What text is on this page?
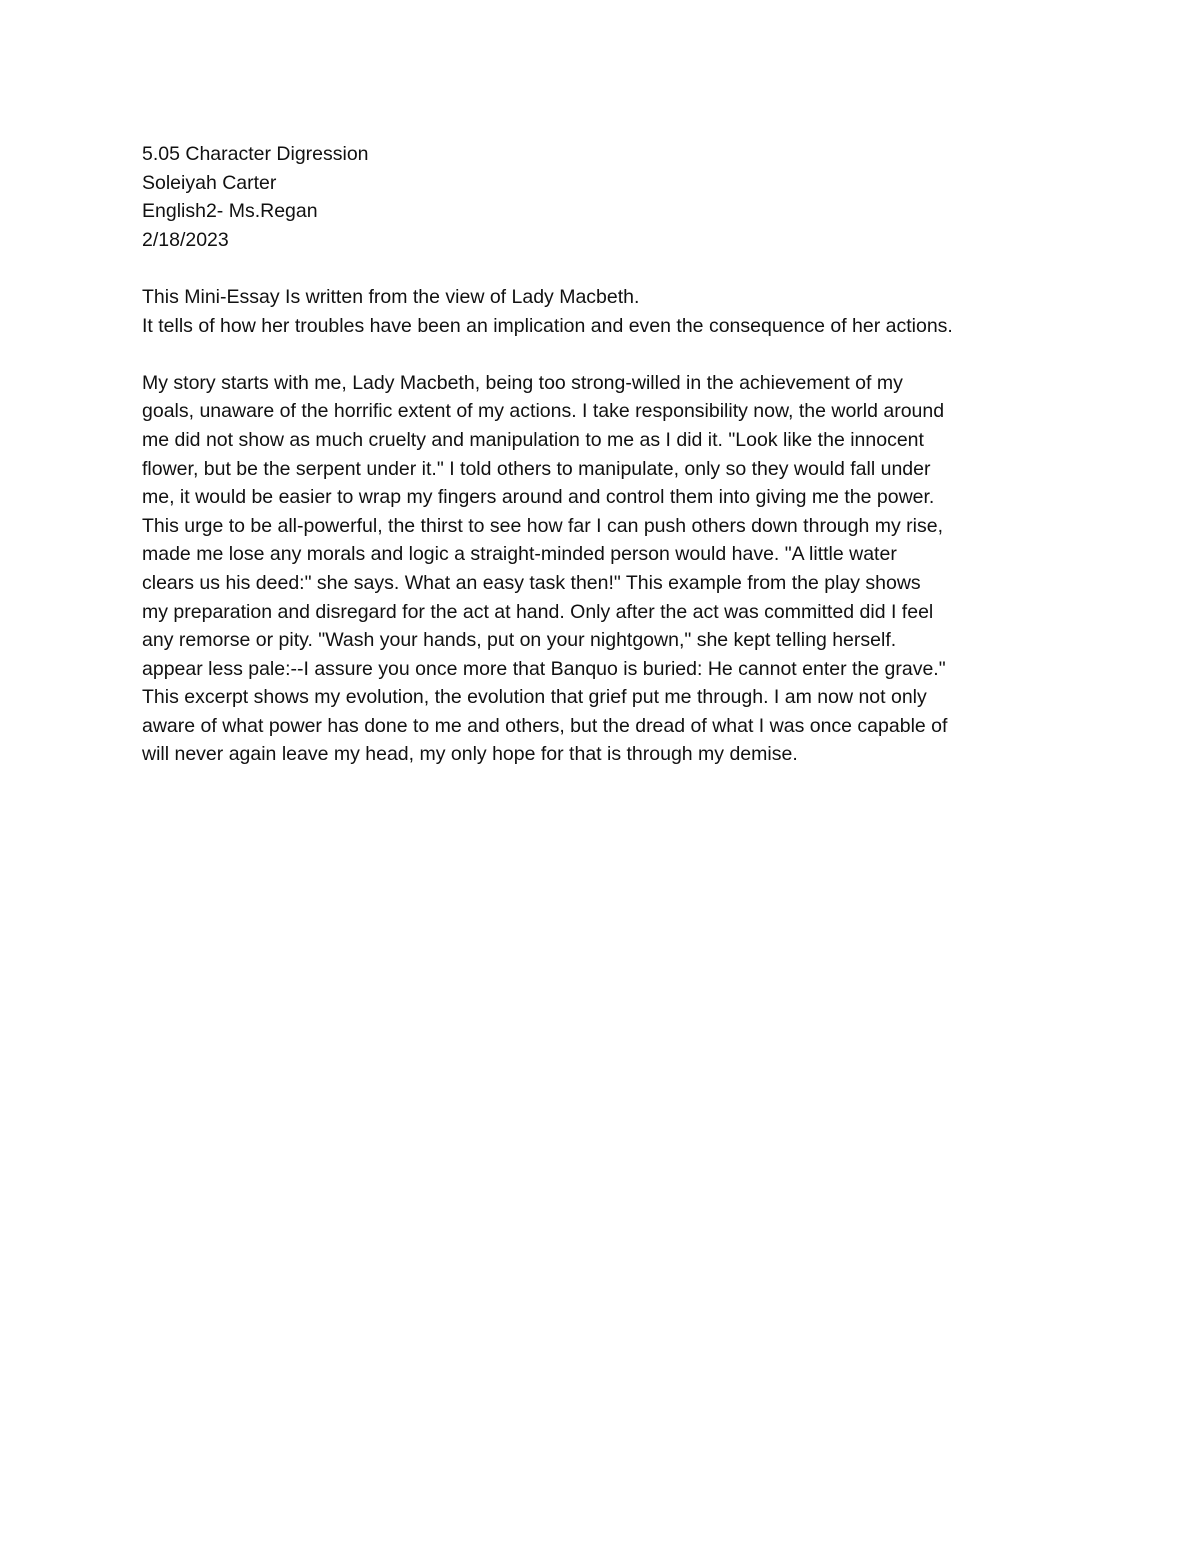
5.05 Character Digression
Soleiyah Carter
English2- Ms.Regan
2/18/2023
This Mini-Essay Is written from the view of Lady Macbeth.
It tells of how her troubles have been an implication and even the consequence of her actions.
My story starts with me, Lady Macbeth, being too strong-willed in the achievement of my
goals, unaware of the horrific extent of my actions. I take responsibility now, the world around
me did not show as much cruelty and manipulation to me as I did it. "Look like the innocent
flower, but be the serpent under it." I told others to manipulate, only so they would fall under
me, it would be easier to wrap my fingers around and control them into giving me the power.
This urge to be all-powerful, the thirst to see how far I can push others down through my rise,
made me lose any morals and logic a straight-minded person would have. "A little water
clears us his deed:" she says. What an easy task then!" This example from the play shows
my preparation and disregard for the act at hand. Only after the act was committed did I feel
any remorse or pity. "Wash your hands, put on your nightgown," she kept telling herself.
appear less pale:--I assure you once more that Banquo is buried: He cannot enter the grave."
This excerpt shows my evolution, the evolution that grief put me through. I am now not only
aware of what power has done to me and others, but the dread of what I was once capable of
will never again leave my head, my only hope for that is through my demise.
